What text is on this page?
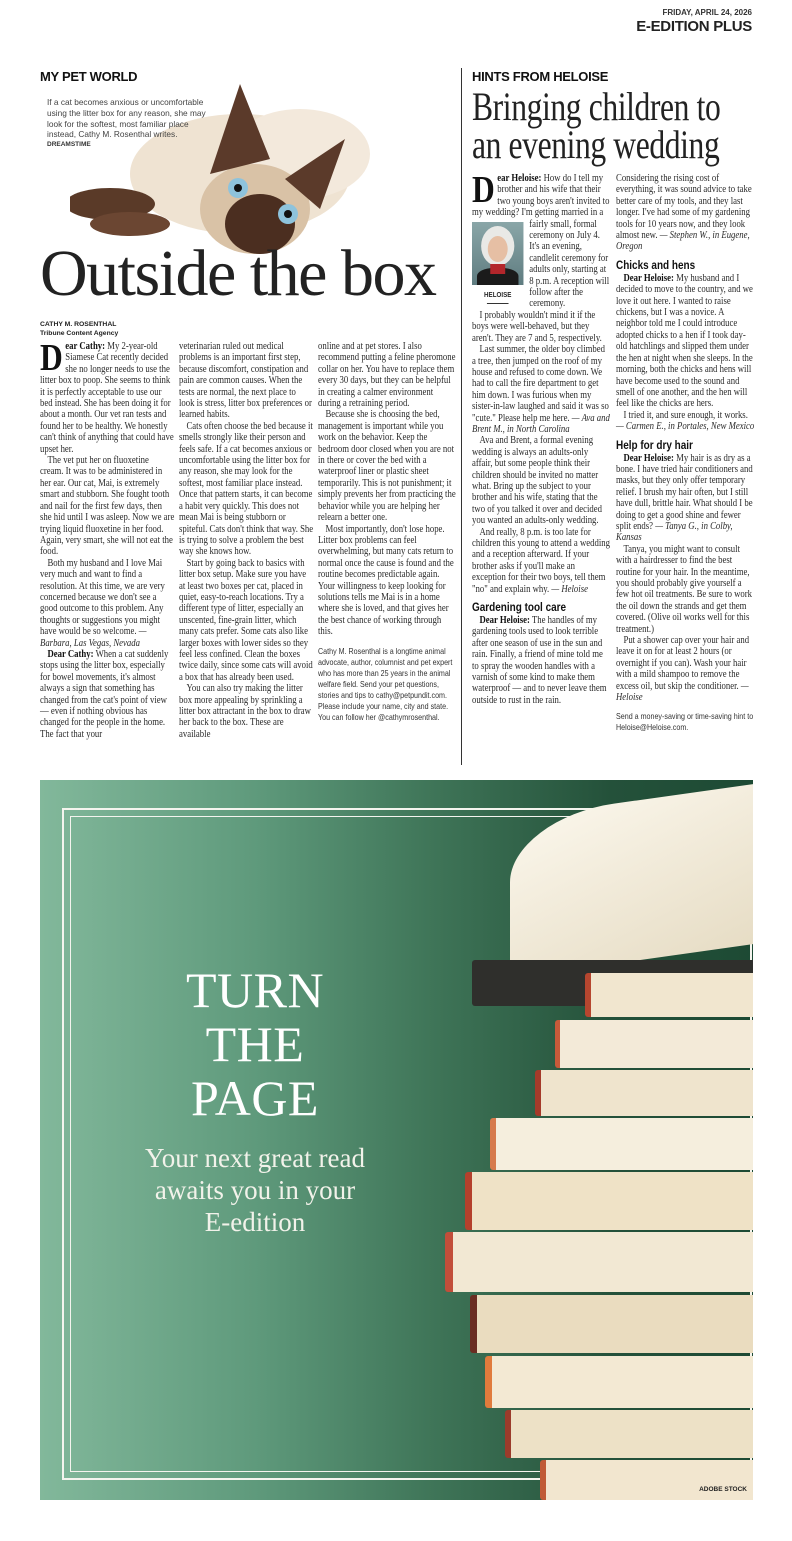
FRIDAY, APRIL 24, 2026
E-EDITION PLUS
MY PET WORLD
If a cat becomes anxious or uncomfortable using the litter box for any reason, she may look for the softest, most familiar place instead, Cathy M. Rosenthal writes.
DREAMSTIME
Outside the box
CATHY M. ROSENTHAL
Tribune Content Agency

Dear Cathy: My 2-year-old Siamese Cat recently decided she no longer needs to use the litter box to poop. She seems to think it is perfectly acceptable to use our bed instead. She has been doing it for about a month. Our vet ran tests and found her to be healthy. We honestly can't think of anything that could have upset her.

The vet put her on fluoxetine cream. It was to be administered in her ear. Our cat, Mai, is extremely smart and stubborn. She fought tooth and nail for the first few days, then she hid until I was asleep. Now we are trying liquid fluoxetine in her food. Again, very smart, she will not eat the food.

Both my husband and I love Mai very much and want to find a resolution. At this time, we are very concerned because we don't see a good outcome to this problem. Any thoughts or suggestions you might have would be so welcome. — Barbara, Las Vegas, Nevada

Dear Cathy: When a cat suddenly stops using the litter box, especially for bowel movements, it's almost always a sign that something has changed from the cat's point of view — even if nothing obvious has changed for the people in the home. The fact that your

veterinarian ruled out medical problems is an important first step, because discomfort, constipation and pain are common causes. When the tests are normal, the next place to look is stress, litter box preferences or learned habits.

Cats often choose the bed because it smells strongly like their person and feels safe. If a cat becomes anxious or uncomfortable using the litter box for any reason, she may look for the softest, most familiar place instead. Once that pattern starts, it can become a habit very quickly. This does not mean Mai is being stubborn or spiteful. Cats don't think that way. She is trying to solve a problem the best way she knows how.

Start by going back to basics with litter box setup. Make sure you have at least two boxes per cat, placed in quiet, easy-to-reach locations. Try a different type of litter, especially an unscented, fine-grain litter, which many cats prefer. Some cats also like larger boxes with lower sides so they feel less confined. Clean the boxes twice daily, since some cats will avoid a box that has already been used.

You can also try making the litter box more appealing by sprinkling a litter box attractant in the box to draw her back to the box. These are available

online and at pet stores. I also recommend putting a feline pheromone collar on her. You have to replace them every 30 days, but they can be helpful in creating a calmer environment during a retraining period.

Because she is choosing the bed, management is important while you work on the behavior. Keep the bedroom door closed when you are not in there or cover the bed with a waterproof liner or plastic sheet temporarily. This is not punishment; it simply prevents her from practicing the behavior while you are helping her relearn a better one.

Most importantly, don't lose hope. Litter box problems can feel overwhelming, but many cats return to normal once the cause is found and the routine becomes predictable again. Your willingness to keep looking for solutions tells me Mai is in a home where she is loved, and that gives her the best chance of working through this.

Cathy M. Rosenthal is a longtime animal advocate, author, columnist and pet expert who has more than 25 years in the animal welfare field. Send your pet questions, stories and tips to cathy@petpundit.com. Please include your name, city and state. You can follow her @cathymrosenthal.
HINTS FROM HELOISE
Bringing children to an evening wedding

D
HELOISE
ear Heloise: How do I tell my brother and his wife that their two young boys aren't invited to my wedding? I'm getting married in a fairly small, formal ceremony on July 4. It's an evening, candlelit ceremony for adults only, starting at 8 p.m. A reception will follow after the ceremony.

I probably wouldn't mind it if the boys were well-behaved, but they aren't. They are 7 and 5, respectively.

Last summer, the older boy climbed a tree, then jumped on the roof of my house and refused to come down. We had to call the fire department to get him down. I was furious when my sister-in-law laughed and said it was so "cute." Please help me here. — Ava and Brent M., in North Carolina

Ava and Brent, a formal evening wedding is always an adults-only affair, but some people think their children should be invited no matter what. Bring up the subject to your brother and his wife, stating that the two of you talked it over and decided you wanted an adults-only wedding.

And really, 8 p.m. is too late for children this young to attend a wedding and a reception afterward. If your brother asks if you'll make an exception for their two boys, tell them "no" and explain why. — Heloise

Gardening tool care

Dear Heloise: The handles of my gardening tools used to look terrible after one season of use in the sun and rain. Finally, a friend of mine told me to spray the wooden handles with a varnish of some kind to make them waterproof — and to never leave them outside to rust in the rain.

Considering the rising cost of everything, it was sound advice to take better care of my tools, and they last longer. I've had some of my gardening tools for 10 years now, and they look almost new. — Stephen W., in Eugene, Oregon

Chicks and hens

Dear Heloise: My husband and I decided to move to the country, and we love it out here. I wanted to raise chickens, but I was a novice. A neighbor told me I could introduce adopted chicks to a hen if I took day-old hatchlings and slipped them under the hen at night when she sleeps. In the morning, both the chicks and hens will have become used to the sound and smell of one another, and the hen will feel like the chicks are hers.

I tried it, and sure enough, it works. — Carmen E., in Portales, New Mexico

Help for dry hair

Dear Heloise: My hair is as dry as a bone. I have tried hair conditioners and masks, but they only offer temporary relief. I brush my hair often, but I still have dull, brittle hair. What should I be doing to get a good shine and fewer split ends? — Tanya G., in Colby, Kansas

Tanya, you might want to consult with a hairdresser to find the best routine for your hair. In the meantime, you should probably give yourself a few hot oil treatments. Be sure to work the oil down the strands and get them covered. (Olive oil works well for this treatment.)

Put a shower cap over your hair and leave it on for at least 2 hours (or overnight if you can). Wash your hair with a mild shampoo to remove the excess oil, but skip the conditioner. — Heloise

Send a money-saving or time-saving hint to Heloise@Heloise.com.
TURN
THE
PAGE
Your next great read awaits you in your E-edition
ADOBE STOCK
